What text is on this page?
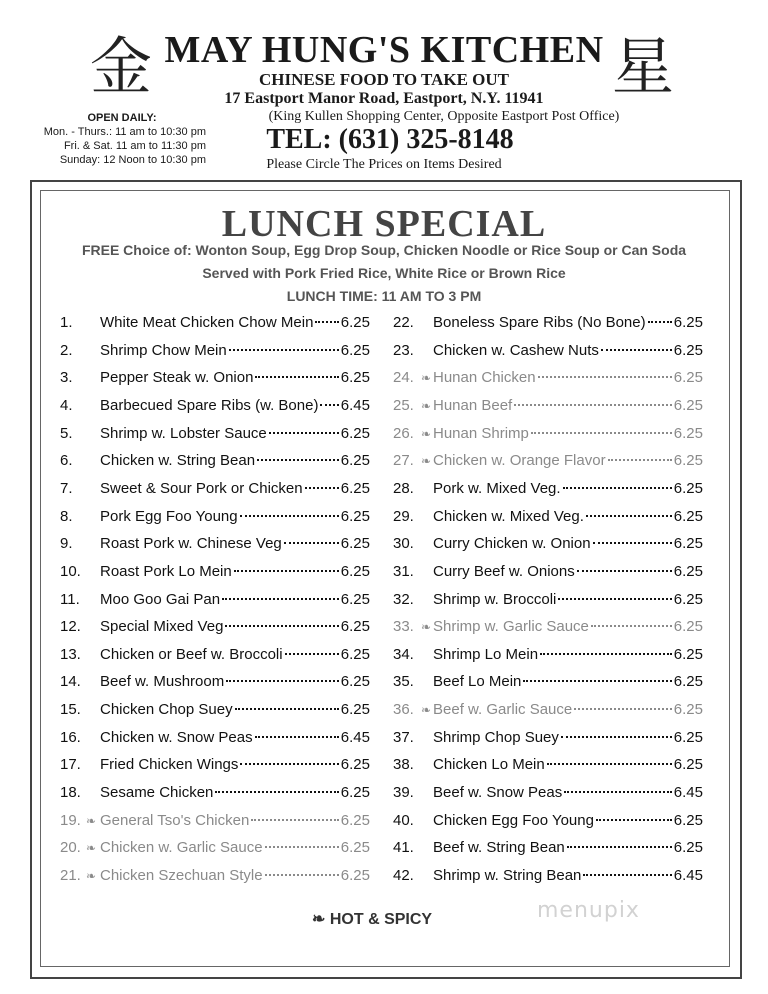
金	星
MAY HUNG'S KITCHEN
CHINESE FOOD TO TAKE OUT
17 Eastport Manor Road, Eastport, N.Y. 11941
(King Kullen Shopping Center, Opposite Eastport Post Office)
TEL: (631) 325-8148
Please Circle The Prices on Items Desired
OPEN DAILY:
Mon. - Thurs.: 11 am to 10:30 pm
Fri. & Sat. 11 am to 11:30 pm
Sunday: 12 Noon to 10:30 pm
LUNCH SPECIAL
FREE Choice of: Wonton Soup, Egg Drop Soup, Chicken Noodle or Rice Soup or Can Soda
Served with Pork Fried Rice, White Rice or Brown Rice
LUNCH TIME: 11 AM TO 3 PM
1.	White Meat Chicken Chow Mein 6.25
2.	Shrimp Chow Mein	6.25
3.	Pepper Steak w. Onion	6.25
4.	Barbecued Spare Ribs (w. Bone) 6.45
5.	Shrimp w. Lobster Sauce	6.25
6.	Chicken w. String Bean	6.25
7.	Sweet & Sour Pork or Chicken	6.25
8.	Pork Egg Foo Young	6.25
9.	Roast Pork w. Chinese Veg	6.25
10.	Roast Pork Lo Mein	6.25
11.	Moo Goo Gai Pan	6.25
12.	Special Mixed Veg	6.25
13.	Chicken or Beef w. Broccoli	6.25
14.	Beef w. Mushroom	6.25
15.	Chicken Chop Suey	6.25
16.	Chicken w. Snow Peas	6.45
17.	Fried Chicken Wings	6.25
18.	Sesame Chicken	6.25
19. ❧ General Tso's Chicken	6.25
20. ❧ Chicken w. Garlic Sauce	6.25
21. ❧ Chicken Szechuan Style	6.25
22.	Boneless Spare Ribs (No Bone) 6.25
23.	Chicken w. Cashew Nuts	6.25
24. ❧ Hunan Chicken	6.25
25. ❧ Hunan Beef	6.25
26. ❧ Hunan Shrimp	6.25
27. ❧ Chicken w. Orange Flavor	6.25
28.	Pork w. Mixed Veg.	6.25
29.	Chicken w. Mixed Veg.	6.25
30.	Curry Chicken w. Onion	6.25
31.	Curry Beef w. Onions	6.25
32.	Shrimp w. Broccoli	6.25
33. ❧ Shrimp w. Garlic Sauce	6.25
34.	Shrimp Lo Mein	6.25
35.	Beef Lo Mein	6.25
36. ❧ Beef w. Garlic Sauce	6.25
37.	Shrimp Chop Suey	6.25
38.	Chicken Lo Mein	6.25
39.	Beef w. Snow Peas	6.45
40.	Chicken Egg Foo Young	6.25
41.	Beef w. String Bean	6.25
42.	Shrimp w. String Bean	6.45
❧ HOT & SPICY	menupix
